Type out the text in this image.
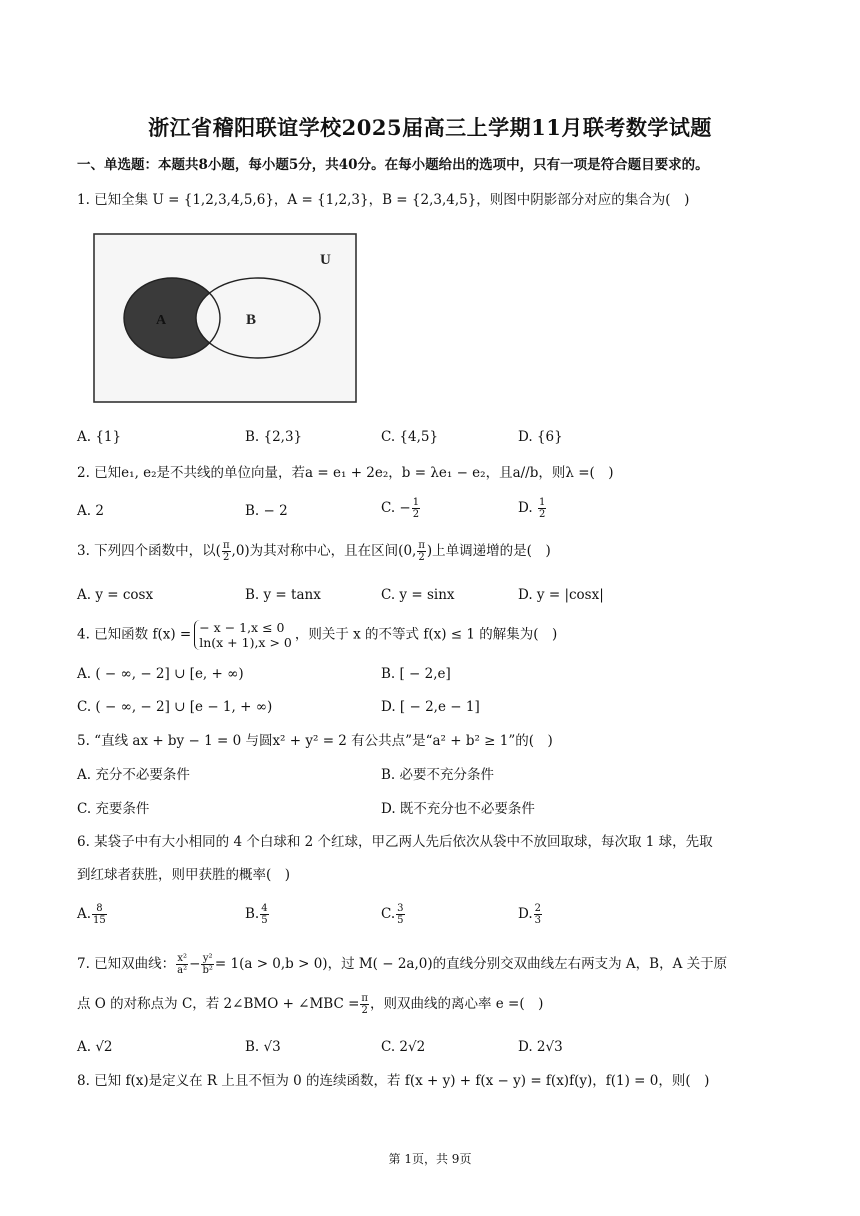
浙江省稽阳联谊学校2025届高三上学期11月联考数学试题
一、单选题：本题共8小题，每小题5分，共40分。在每小题给出的选项中，只有一项是符合题目要求的。
1. 已知全集 U = {1,2,3,4,5,6}，A = {1,2,3}，B = {2,3,4,5}，则图中阴影部分对应的集合为(　)
U
A	B
A. {1}	B. {2,3}	C. {4,5}	D. {6}
2. 已知e₁, e₂是不共线的单位向量，若a = e₁ + 2e₂，b = λe₁ − e₂，且a//b，则λ =(　)
A. 2	B. − 2	C. − $\frac{1}{2}$	D. $\frac{1}{2}$
3. 下列四个函数中，以( $\frac{\pi}{2} ,0$)为其对称中心，且在区间(0, $\frac{\pi}{2}$ )上单调递增的是(　)
A. y = cosx	B. y = tanx	C. y = sinx	D. y = |cosx|
4. 已知函数 f(x) = − x − 1,x ≤ 0
ln(x + 1),x > 0 ，则关于 x 的不等式 f(x) ≤ 1 的解集为(　)
A. ( − ∞, − 2] ∪ [e, + ∞)	B. [ − 2,e]
C. ( − ∞, − 2] ∪ [e − 1, + ∞)	D. [ − 2,e − 1]
5. “直线 ax + by − 1 = 0 与圆x² + y² = 2 有公共点”是“a² + b² ≥ 1”的(　)
A. 充分不必要条件	B. 必要不充分条件
C. 充要条件	D. 既不充分也不必要条件
6. 某袋子中有大小相同的 4 个白球和 2 个红球，甲乙两人先后依次从袋中不放回取球，每次取 1 球，先取
到红球者获胜，则甲获胜的概率(　)
A. $\frac{8}{15}$	B. $\frac{4}{5}$	C. $\frac{3}{5}$	D. $\frac{2}{3}$
7. 已知双曲线： $\frac{\text{x²}}{\text{a²}} - \frac{\text{y²}}{\text{b²}} = 1(a > 0,b > 0)$，过 M( − 2a,0)的直线分别交双曲线左右两支为 A，B，A 关于原
点 O 的对称点为 C，若 2∠BMO + ∠MBC = $\frac{\pi}{2}$ ，则双曲线的离心率 e =(　)
A. √2	B. √3	C. 2√2	D. 2√3
8. 已知 f(x)是定义在 R 上且不恒为 0 的连续函数，若 f(x + y) + f(x − y) = f(x)f(y)，f(1) = 0，则(　)
第 1页，共 9页
